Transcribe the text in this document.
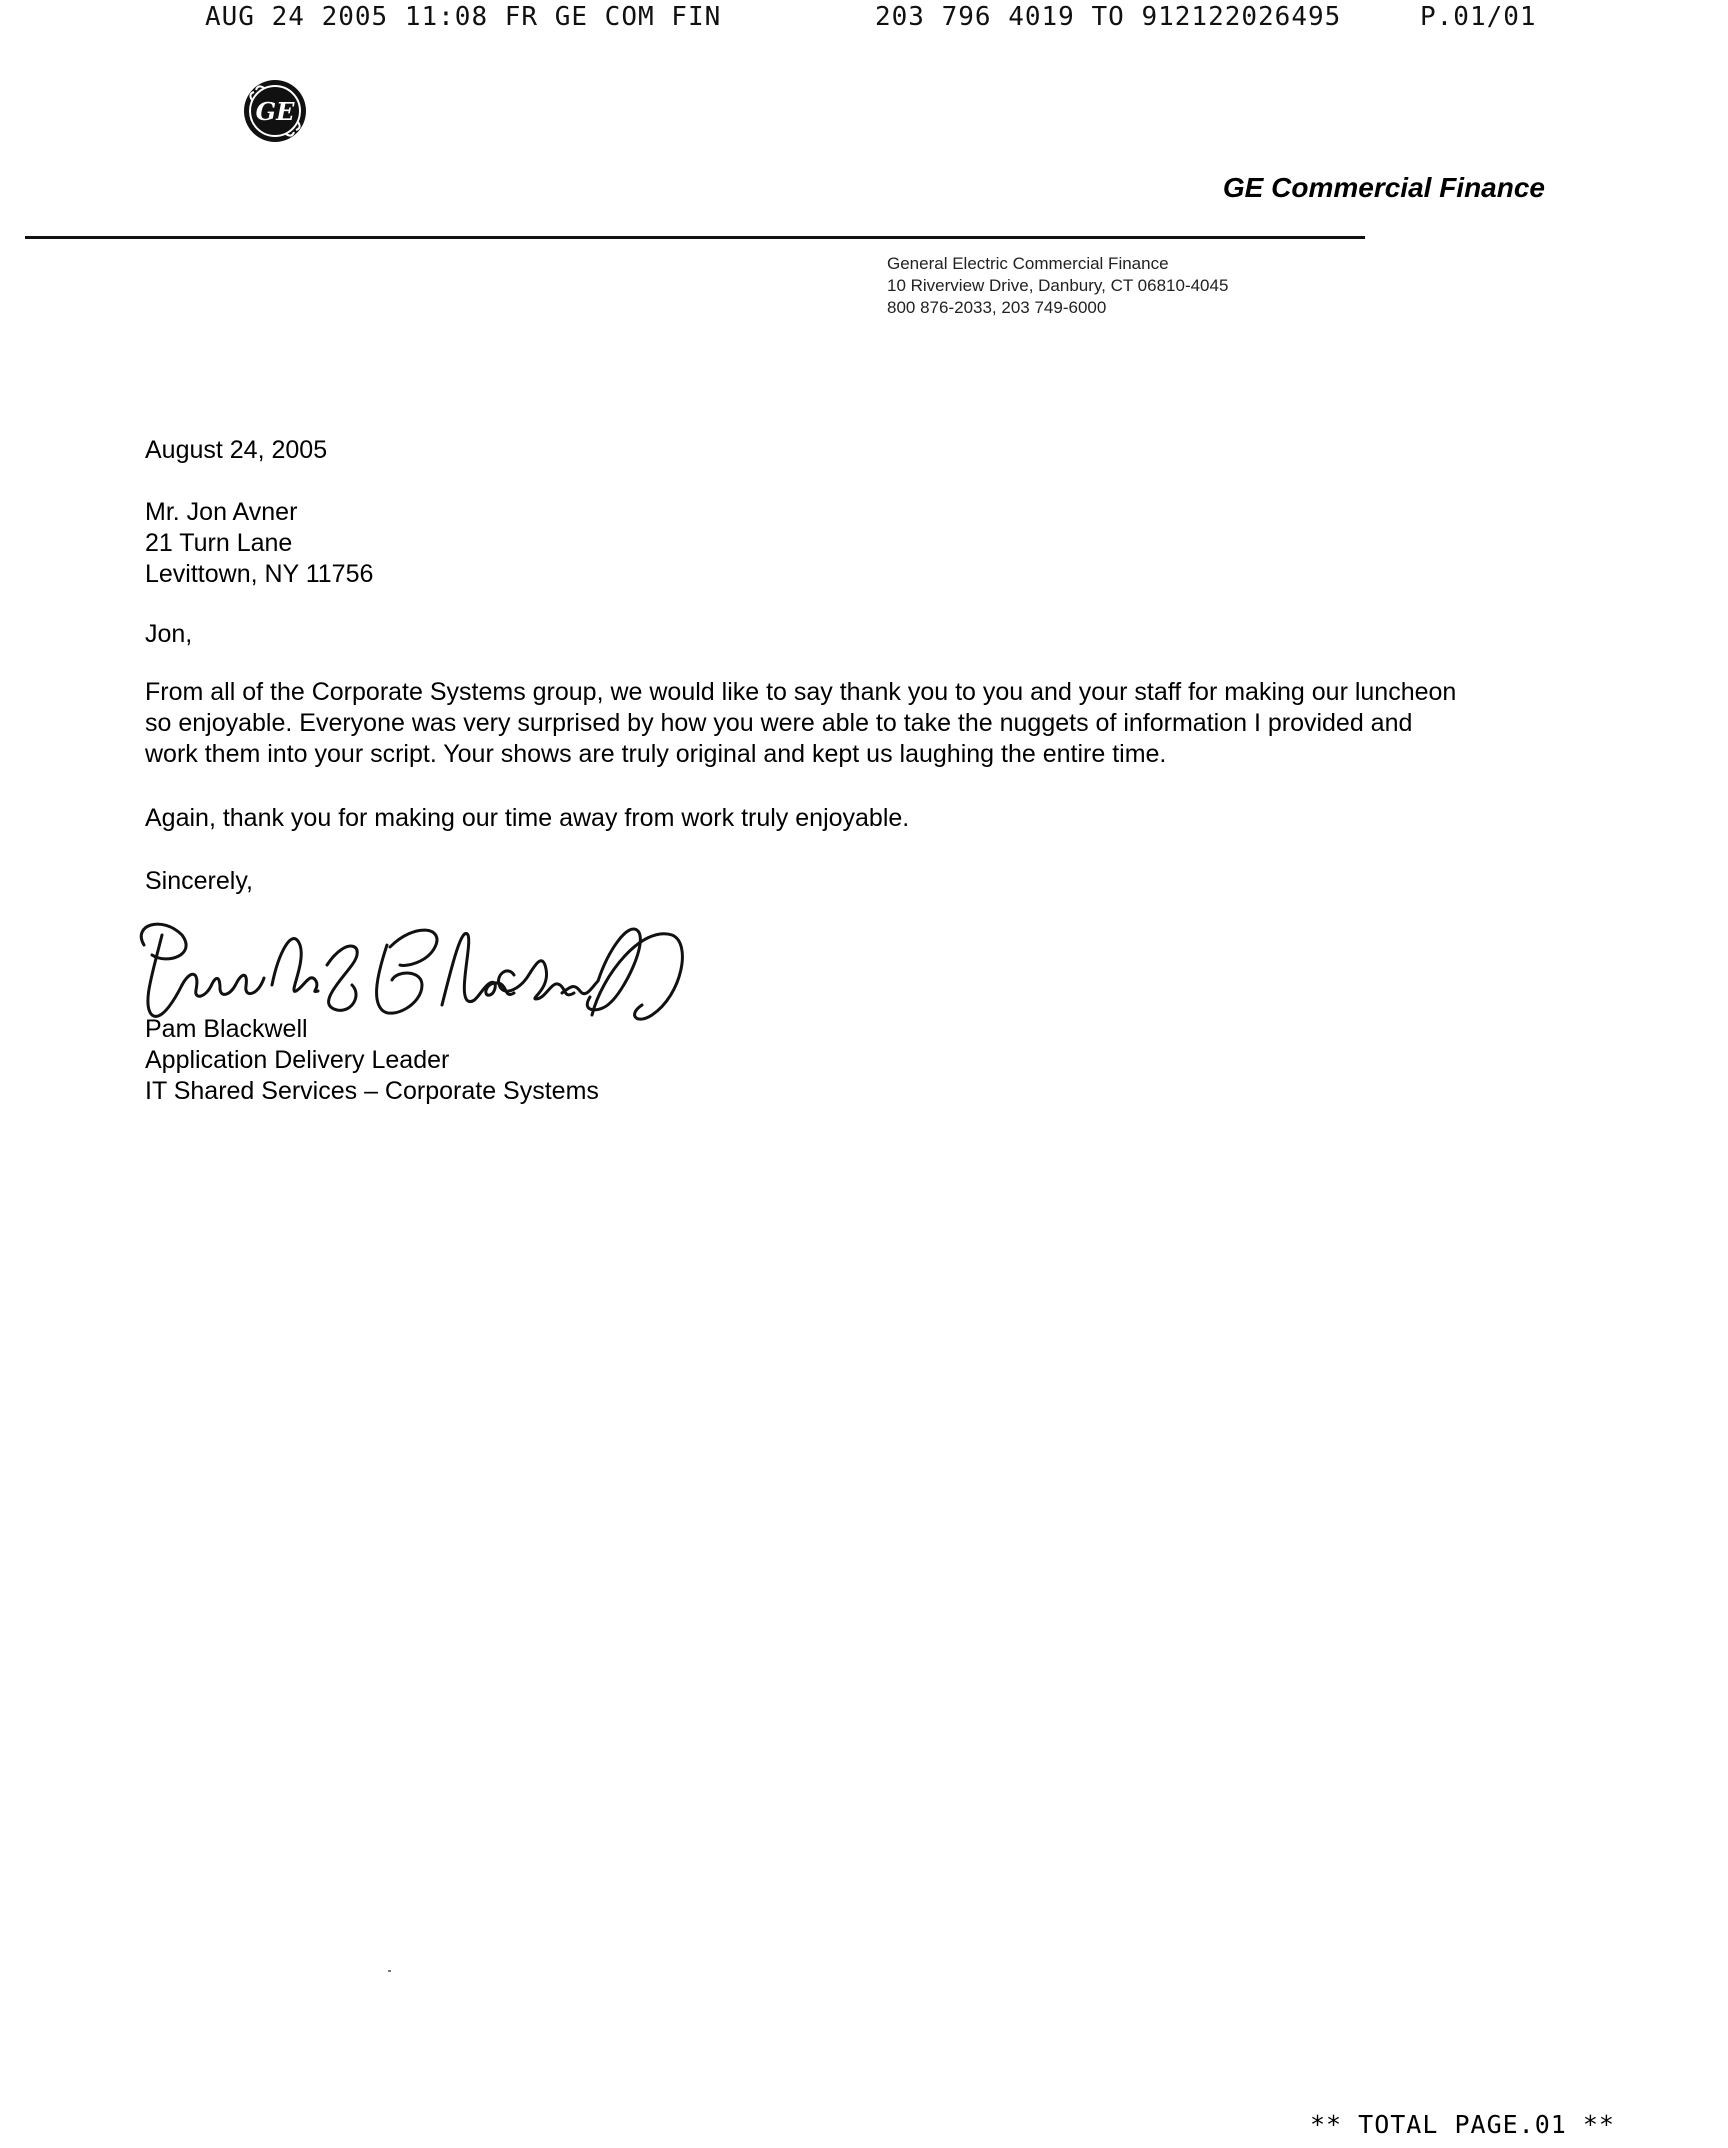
AUG 24 2005 11:08 FR GE COM FIN	203 796 4019 TO 912122026495	P.01/01
GE
GE Commercial Finance
General Electric Commercial Finance
10 Riverview Drive, Danbury, CT 06810-4045
800 876-2033, 203 749-6000
August 24, 2005
Mr. Jon Avner
21 Turn Lane
Levittown, NY 11756
Jon,
From all of the Corporate Systems group, we would like to say thank you to you and your staff for making our luncheon
so enjoyable. Everyone was very surprised by how you were able to take the nuggets of information I provided and
work them into your script. Your shows are truly original and kept us laughing the entire time.
Again, thank you for making our time away from work truly enjoyable.
Sincerely,
Pamela S Blackwell
Pam Blackwell
Application Delivery Leader
IT Shared Services – Corporate Systems
** TOTAL PAGE.01 **
